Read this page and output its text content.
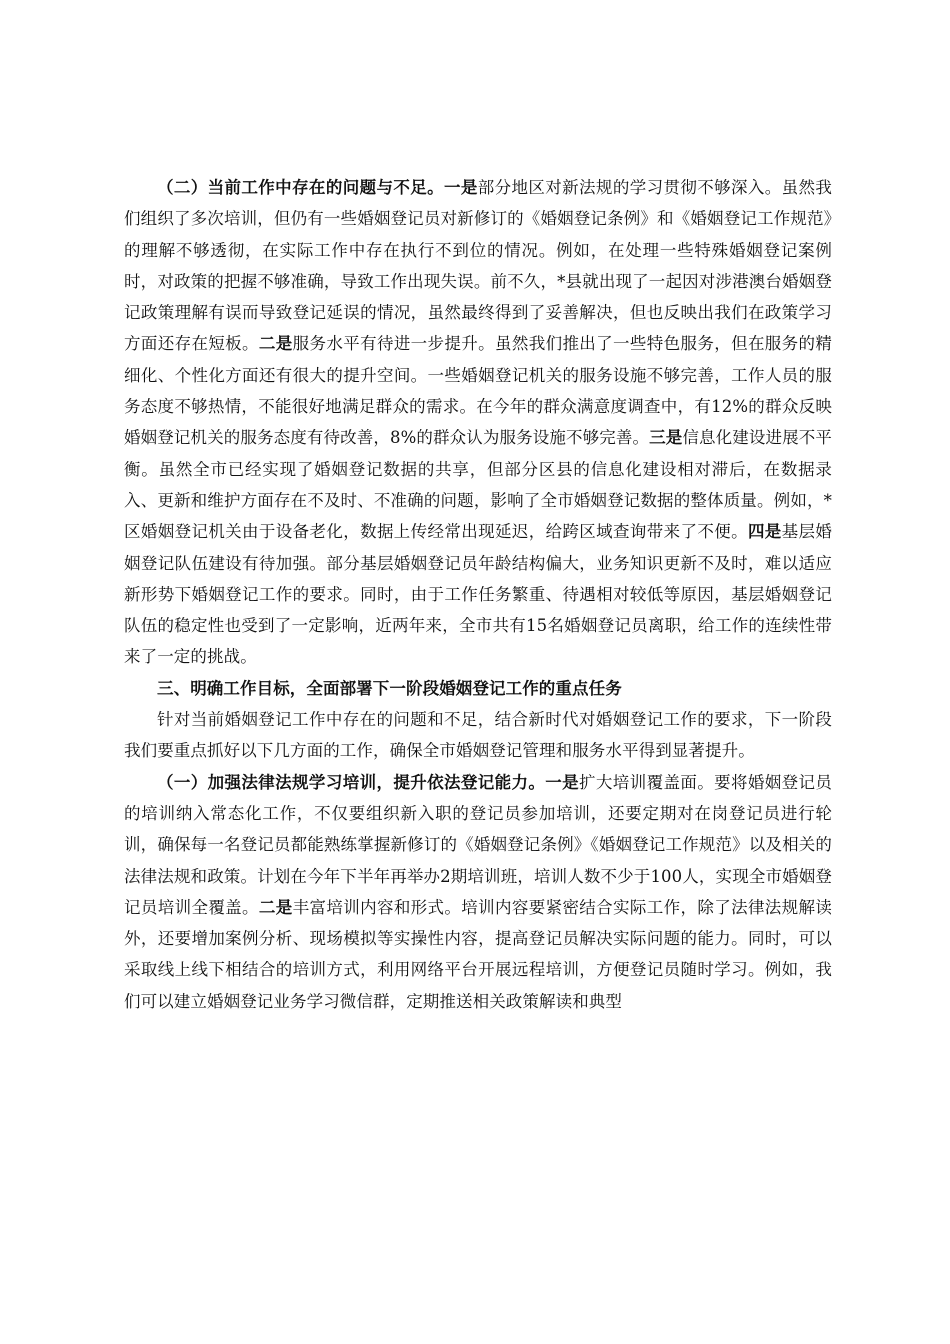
（二）当前工作中存在的问题与不足。一是部分地区对新法规的学习贯彻不够深入。虽然我们组织了多次培训，但仍有一些婚姻登记员对新修订的《婚姻登记条例》和《婚姻登记工作规范》的理解不够透彻，在实际工作中存在执行不到位的情况。例如，在处理一些特殊婚姻登记案例时，对政策的把握不够准确，导致工作出现失误。前不久，*县就出现了一起因对涉港澳台婚姻登记政策理解有误而导致登记延误的情况，虽然最终得到了妥善解决，但也反映出我们在政策学习方面还存在短板。二是服务水平有待进一步提升。虽然我们推出了一些特色服务，但在服务的精细化、个性化方面还有很大的提升空间。一些婚姻登记机关的服务设施不够完善，工作人员的服务态度不够热情，不能很好地满足群众的需求。在今年的群众满意度调查中，有12%的群众反映婚姻登记机关的服务态度有待改善，8%的群众认为服务设施不够完善。三是信息化建设进展不平衡。虽然全市已经实现了婚姻登记数据的共享，但部分区县的信息化建设相对滞后，在数据录入、更新和维护方面存在不及时、不准确的问题，影响了全市婚姻登记数据的整体质量。例如，*区婚姻登记机关由于设备老化，数据上传经常出现延迟，给跨区域查询带来了不便。四是基层婚姻登记队伍建设有待加强。部分基层婚姻登记员年龄结构偏大，业务知识更新不及时，难以适应新形势下婚姻登记工作的要求。同时，由于工作任务繁重、待遇相对较低等原因，基层婚姻登记队伍的稳定性也受到了一定影响，近两年来，全市共有15名婚姻登记员离职，给工作的连续性带来了一定的挑战。

三、明确工作目标，全面部署下一阶段婚姻登记工作的重点任务

针对当前婚姻登记工作中存在的问题和不足，结合新时代对婚姻登记工作的要求，下一阶段我们要重点抓好以下几方面的工作，确保全市婚姻登记管理和服务水平得到显著提升。

（一）加强法律法规学习培训，提升依法登记能力。一是扩大培训覆盖面。要将婚姻登记员的培训纳入常态化工作，不仅要组织新入职的登记员参加培训，还要定期对在岗登记员进行轮训，确保每一名登记员都能熟练掌握新修订的《婚姻登记条例》《婚姻登记工作规范》以及相关的法律法规和政策。计划在今年下半年再举办2期培训班，培训人数不少于100人，实现全市婚姻登记员培训全覆盖。二是丰富培训内容和形式。培训内容要紧密结合实际工作，除了法律法规解读外，还要增加案例分析、现场模拟等实操性内容，提高登记员解决实际问题的能力。同时，可以采取线上线下相结合的培训方式，利用网络平台开展远程培训，方便登记员随时学习。例如，我们可以建立婚姻登记业务学习微信群，定期推送相关政策解读和典型
